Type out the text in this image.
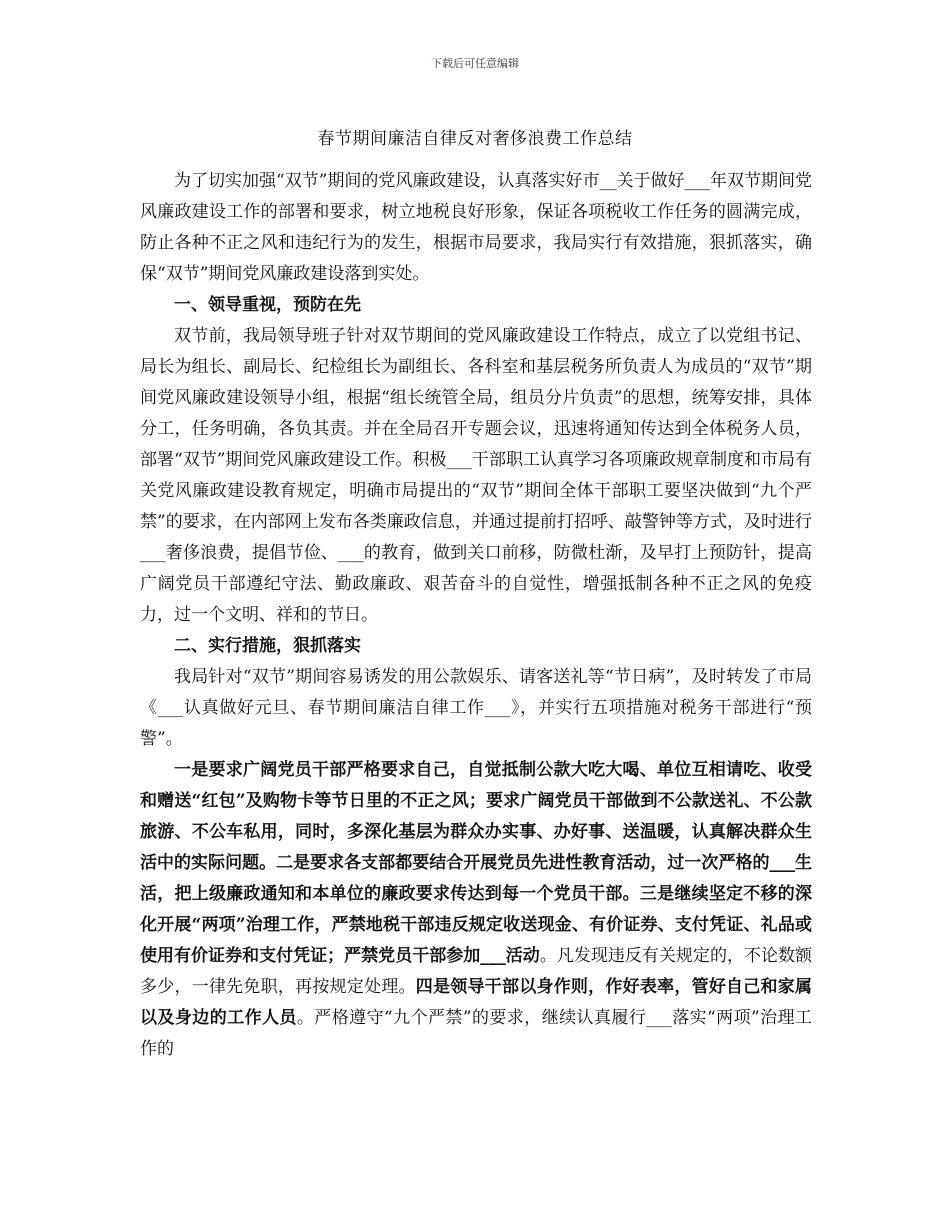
下载后可任意编辑
春节期间廉洁自律反对奢侈浪费工作总结

为了切实加强“双节”期间的党风廉政建设，认真落实好市__关于做好___年双节期间党风廉政建设工作的部署和要求，树立地税良好形象，保证各项税收工作任务的圆满完成，防止各种不正之风和违纪行为的发生，根据市局要求，我局实行有效措施，狠抓落实，确保“双节”期间党风廉政建设落到实处。

一、领导重视，预防在先

双节前，我局领导班子针对双节期间的党风廉政建设工作特点，成立了以党组书记、局长为组长、副局长、纪检组长为副组长、各科室和基层税务所负责人为成员的“双节”期间党风廉政建设领导小组，根据“组长统管全局，组员分片负责”的思想，统筹安排，具体分工，任务明确，各负其责。并在全局召开专题会议，迅速将通知传达到全体税务人员，部署“双节”期间党风廉政建设工作。积极___干部职工认真学习各项廉政规章制度和市局有关党风廉政建设教育规定，明确市局提出的“双节”期间全体干部职工要坚决做到“九个严禁”的要求，在内部网上发布各类廉政信息，并通过提前打招呼、敲警钟等方式，及时进行___奢侈浪费，提倡节俭、___的教育，做到关口前移，防微杜渐，及早打上预防针，提高广阔党员干部遵纪守法、勤政廉政、艰苦奋斗的自觉性，增强抵制各种不正之风的免疫力，过一个文明、祥和的节日。

二、实行措施，狠抓落实

我局针对“双节”期间容易诱发的用公款娱乐、请客送礼等“节日病”，及时转发了市局《___认真做好元旦、春节期间廉洁自律工作___》，并实行五项措施对税务干部进行“预警”。

一是要求广阔党员干部严格要求自己，自觉抵制公款大吃大喝、单位互相请吃、收受和赠送“红包”及购物卡等节日里的不正之风；要求广阔党员干部做到不公款送礼、不公款旅游、不公车私用，同时，多深化基层为群众办实事、办好事、送温暖，认真解决群众生活中的实际问题。二是要求各支部都要结合开展党员先进性教育活动，过一次严格的___生活，把上级廉政通知和本单位的廉政要求传达到每一个党员干部。三是继续坚定不移的深化开展“两项”治理工作，严禁地税干部违反规定收送现金、有价证券、支付凭证、礼品或使用有价证券和支付凭证；严禁党员干部参加___活动。凡发现违反有关规定的，不论数额多少，一律先免职，再按规定处理。四是领导干部以身作则，作好表率，管好自己和家属以及身边的工作人员。严格遵守“九个严禁”的要求，继续认真履行___落实“两项”治理工作的
